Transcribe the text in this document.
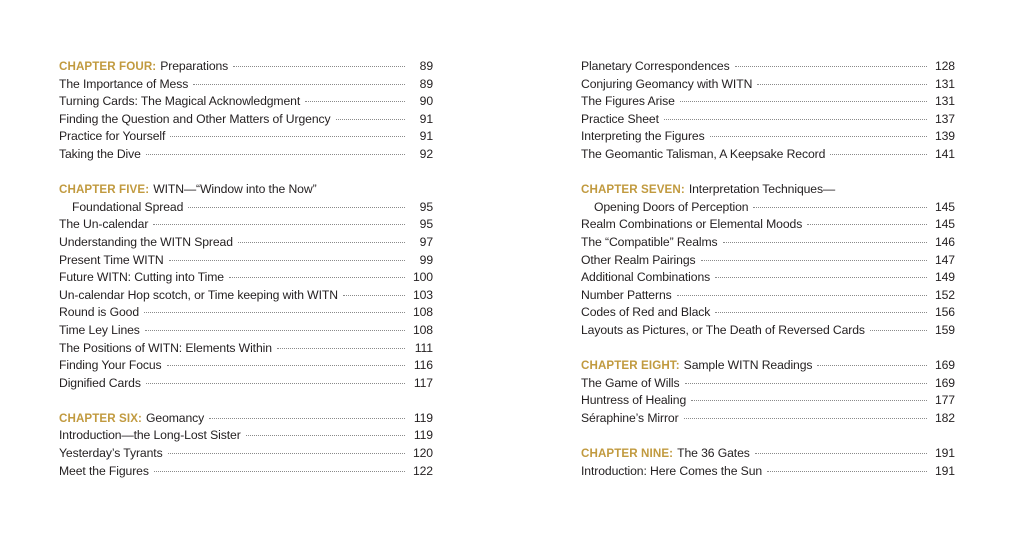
CHAPTER FOUR: Preparations	89
The Importance of Mess	89
Turning Cards: The Magical Acknowledgment	90
Finding the Question and Other Matters of Urgency	91
Practice for Yourself	91
Taking the Dive	92
CHAPTER FIVE: WITN—“Window into the Now”
Foundational Spread	95
The Un-calendar	95
Understanding the WITN Spread	97
Present Time WITN	99
Future WITN: Cutting into Time	100
Un-calendar Hop scotch, or Time keeping with WITN	103
Round is Good	108
Time Ley Lines	108
The Positions of WITN: Elements Within	111
Finding Your Focus	116
Dignified Cards	117
CHAPTER SIX: Geomancy	119
Introduction—the Long-Lost Sister	119
Yesterday’s Tyrants	120
Meet the Figures	122
Planetary Correspondences	128
Conjuring Geomancy with WITN	131
The Figures Arise	131
Practice Sheet	137
Interpreting the Figures	139
The Geomantic Talisman, A Keepsake Record	141
CHAPTER SEVEN: Interpretation Techniques—
Opening Doors of Perception	145
Realm Combinations or Elemental Moods	145
The “Compatible” Realms	146
Other Realm Pairings	147
Additional Combinations	149
Number Patterns	152
Codes of Red and Black	156
Layouts as Pictures, or The Death of Reversed Cards	159
CHAPTER EIGHT: Sample WITN Readings	169
The Game of Wills	169
Huntress of Healing	177
Séraphine’s Mirror	182
CHAPTER NINE: The 36 Gates	191
Introduction: Here Comes the Sun	191
